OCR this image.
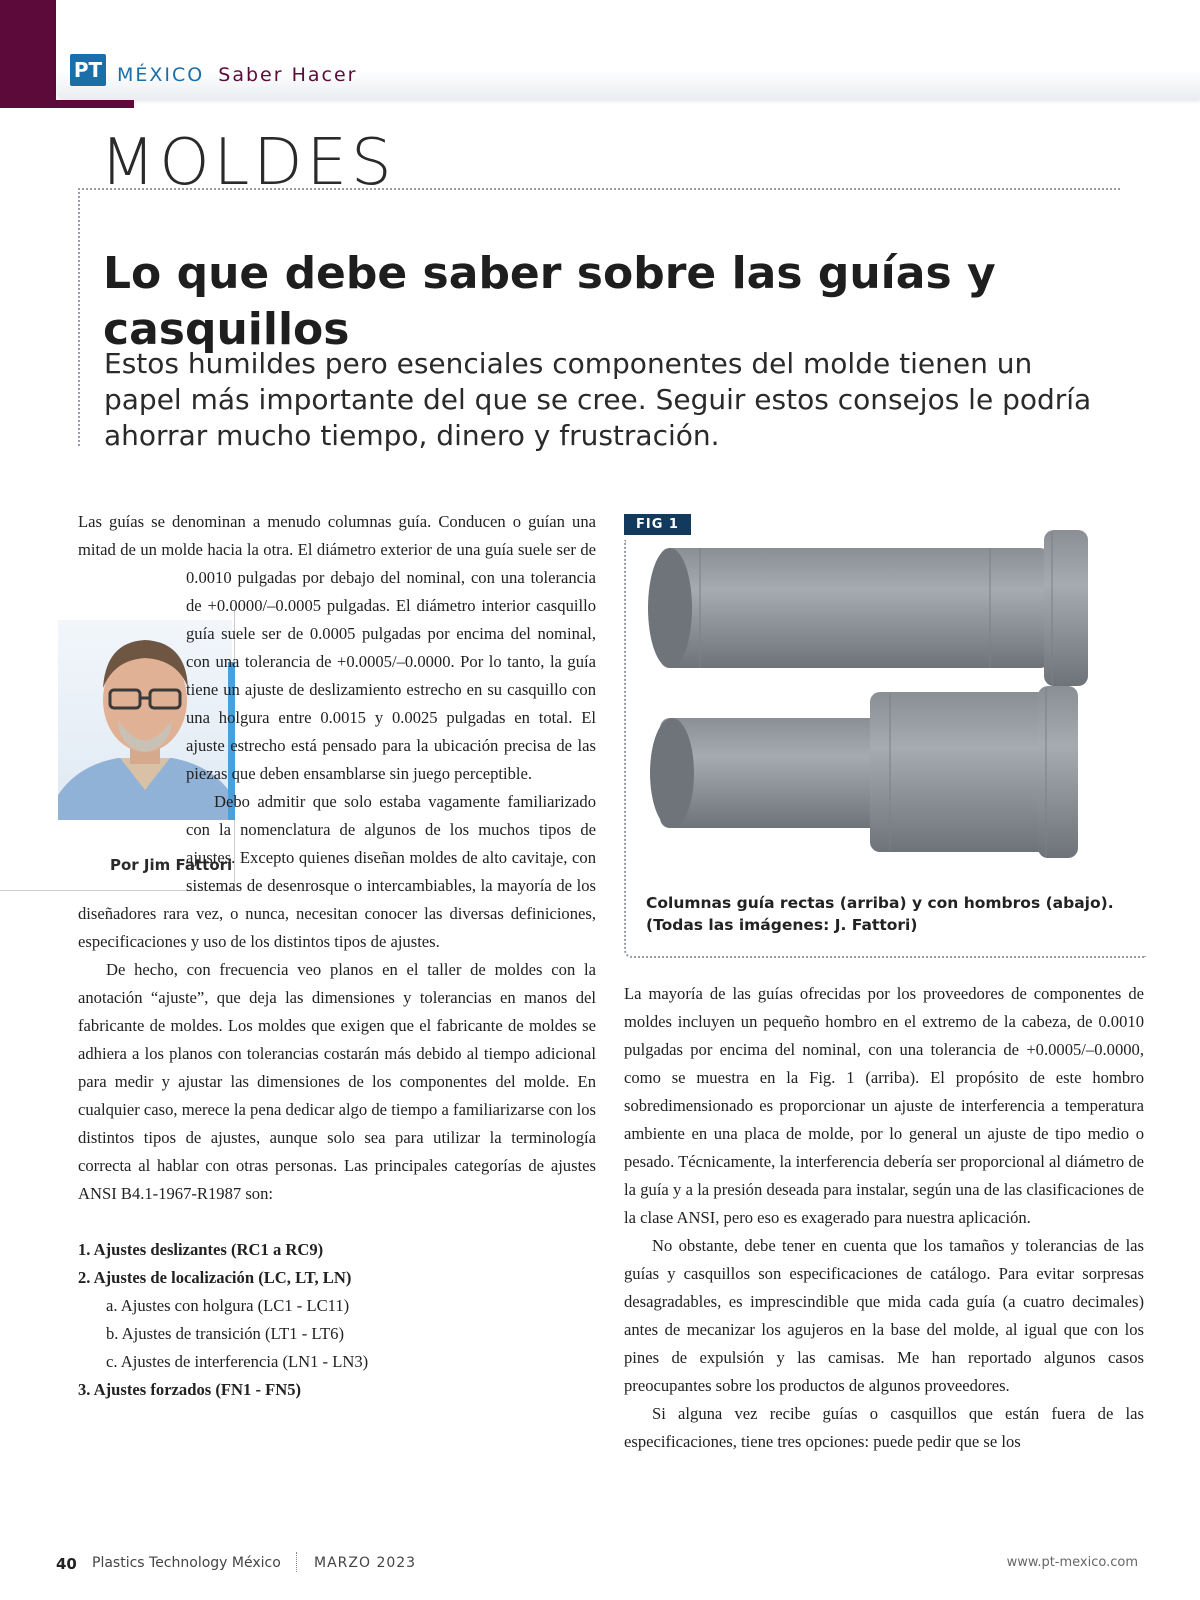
PT MÉXICO Saber Hacer
MOLDES
Lo que debe saber sobre las guías y casquillos
Estos humildes pero esenciales componentes del molde tienen un papel más importante del que se cree. Seguir estos consejos le podría ahorrar mucho tiempo, dinero y frustración.
Por Jim Fattori

Las guías se denominan a menudo columnas guía. Conducen o guían una mitad de un molde hacia la otra. El diámetro exterior de una guía suele ser de 0.0010 pulgadas por debajo del nominal, con una tolerancia de +0.0000/–0.0005 pulgadas. El diámetro interior casquillo guía suele ser de 0.0005 pulgadas por encima del nominal, con una tolerancia de +0.0005/–0.0000. Por lo tanto, la guía tiene un ajuste de deslizamiento estrecho en su casquillo con una holgura entre 0.0015 y 0.0025 pulgadas en total. El ajuste estrecho está pensado para la ubicación precisa de las piezas que deben ensamblarse sin juego perceptible.

Debo admitir que solo estaba vagamente familiarizado con la nomenclatura de algunos de los muchos tipos de ajustes. Excepto quienes diseñan moldes de alto cavitaje, con sistemas de desenrosque o intercambiables, la mayoría de los diseñadores rara vez, o nunca, necesitan conocer las diversas definiciones, especificaciones y uso de los distintos tipos de ajustes.

De hecho, con frecuencia veo planos en el taller de moldes con la anotación “ajuste”, que deja las dimensiones y tolerancias en manos del fabricante de moldes. Los moldes que exigen que el fabricante de moldes se adhiera a los planos con tolerancias costarán más debido al tiempo adicional para medir y ajustar las dimensiones de los componentes del molde. En cualquier caso, merece la pena dedicar algo de tiempo a familiarizarse con los distintos tipos de ajustes, aunque solo sea para utilizar la terminología correcta al hablar con otras personas. Las principales categorías de ajustes ANSI B4.1-1967-R1987 son:

1. Ajustes deslizantes (RC1 a RC9)

2. Ajustes de localización (LC, LT, LN)

a. Ajustes con holgura (LC1 - LC11)

b. Ajustes de transición (LT1 - LT6)

c. Ajustes de interferencia (LN1 - LN3)

3. Ajustes forzados (FN1 - FN5)

FIG 1
Columnas guía rectas (arriba) y con hombros (abajo). (Todas las imágenes: J. Fattori)

La mayoría de las guías ofrecidas por los proveedores de componentes de moldes incluyen un pequeño hombro en el extremo de la cabeza, de 0.0010 pulgadas por encima del nominal, con una tolerancia de +0.0005/–0.0000, como se muestra en la Fig. 1 (arriba). El propósito de este hombro sobredimensionado es proporcionar un ajuste de interferencia a temperatura ambiente en una placa de molde, por lo general un ajuste de tipo medio o pesado. Técnicamente, la interferencia debería ser proporcional al diámetro de la guía y a la presión deseada para instalar, según una de las clasificaciones de la clase ANSI, pero eso es exagerado para nuestra aplicación.

No obstante, debe tener en cuenta que los tamaños y tolerancias de las guías y casquillos son especificaciones de catálogo. Para evitar sorpresas desagradables, es imprescindible que mida cada guía (a cuatro decimales) antes de mecanizar los agujeros en la base del molde, al igual que con los pines de expulsión y las camisas. Me han reportado algunos casos preocupantes sobre los productos de algunos proveedores.

Si alguna vez recibe guías o casquillos que están fuera de las especificaciones, tiene tres opciones: puede pedir que se los

40 Plastics Technology México MARZO 2023	www.pt-mexico.com
